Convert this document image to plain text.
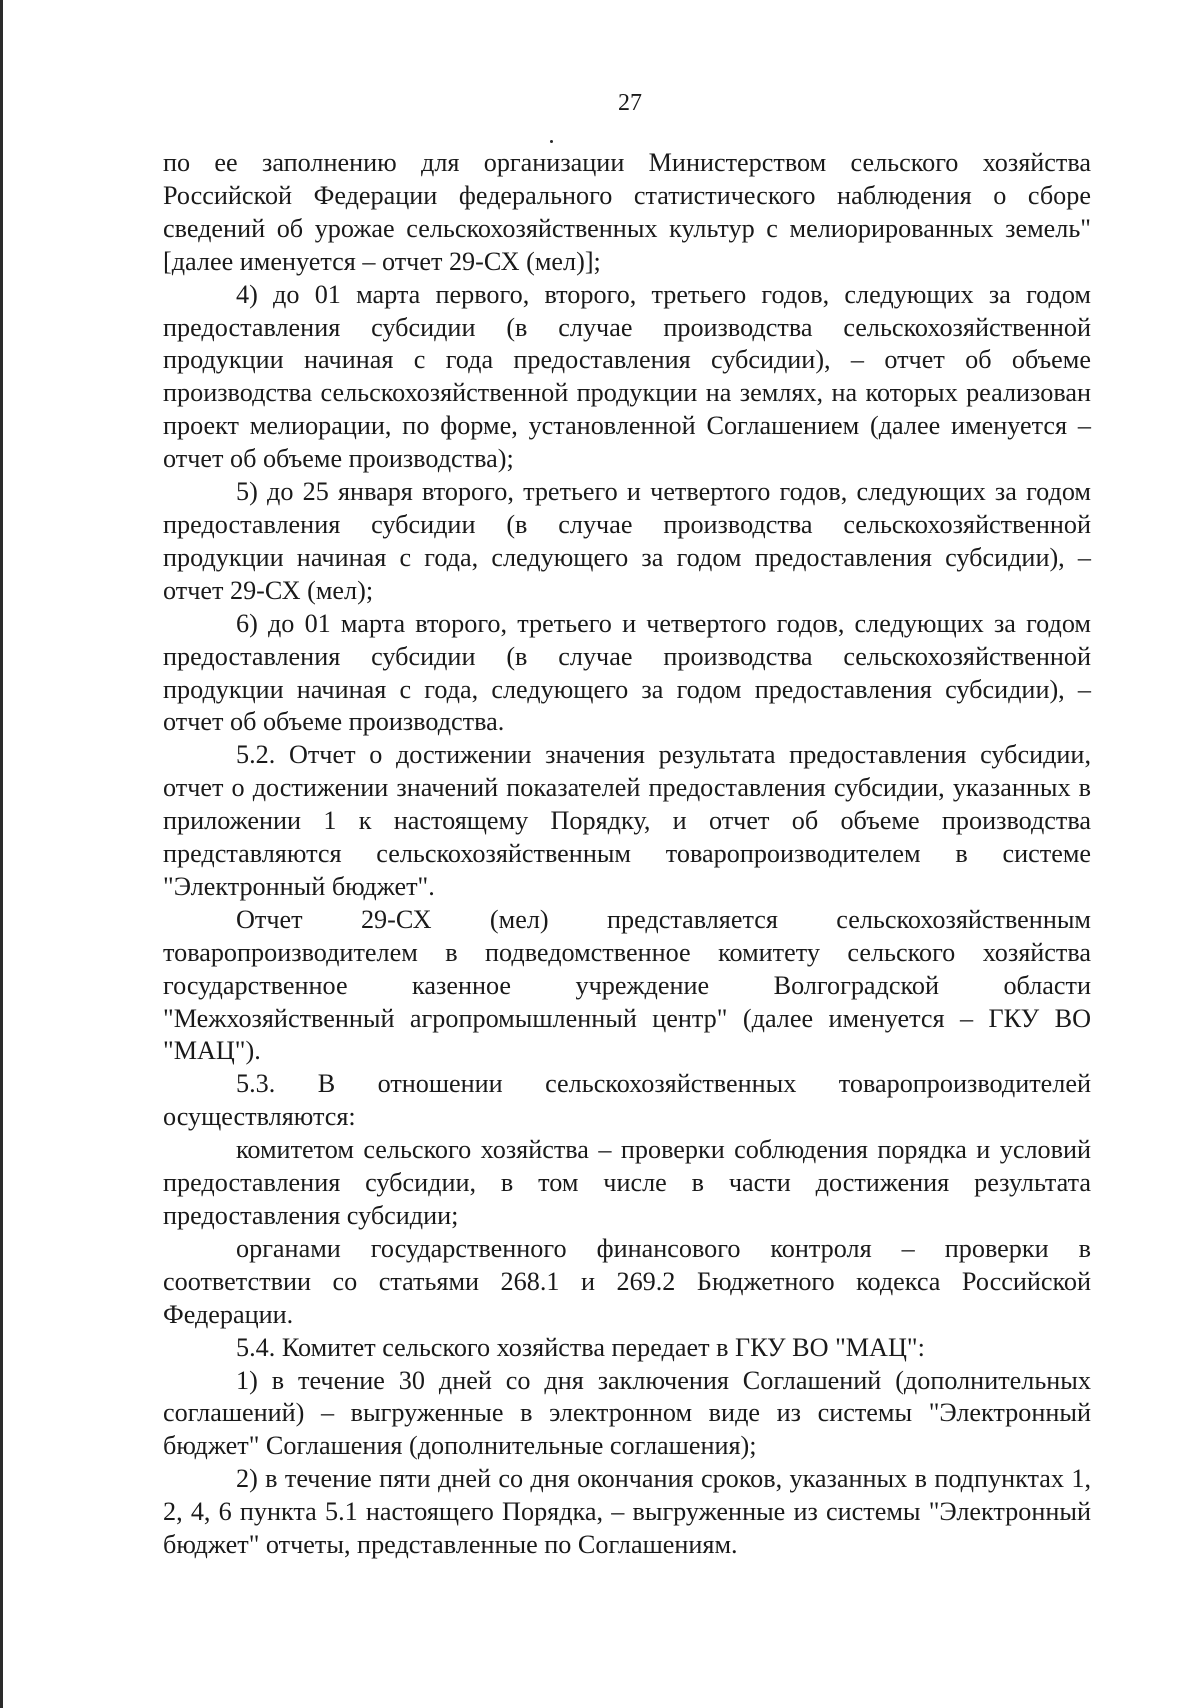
27

по ее заполнению для организации Министерством сельского хозяйства Российской Федерации федерального статистического наблюдения о сборе сведений об урожае сельскохозяйственных культур с мелиорированных земель" [далее именуется – отчет 29-СХ (мел)];

4) до 01 марта первого, второго, третьего годов, следующих за годом предоставления субсидии (в случае производства сельскохозяйственной продукции начиная с года предоставления субсидии), – отчет об объеме производства сельскохозяйственной продукции на землях, на которых реализован проект мелиорации, по форме, установленной Соглашением (далее именуется – отчет об объеме производства);

5) до 25 января второго, третьего и четвертого годов, следующих за годом предоставления субсидии (в случае производства сельскохозяйственной продукции начиная с года, следующего за годом предоставления субсидии), – отчет 29-СХ (мел);

6) до 01 марта второго, третьего и четвертого годов, следующих за годом предоставления субсидии (в случае производства сельскохозяйственной продукции начиная с года, следующего за годом предоставления субсидии), – отчет об объеме производства.

5.2. Отчет о достижении значения результата предоставления субсидии, отчет о достижении значений показателей предоставления субсидии, указанных в приложении 1 к настоящему Порядку, и отчет об объеме производства представляются сельскохозяйственным товаропроизводителем в системе "Электронный бюджет".

Отчет 29-СХ (мел) представляется сельскохозяйственным товаропроизводителем в подведомственное комитету сельского хозяйства государственное казенное учреждение Волгоградской области "Межхозяйственный агропромышленный центр" (далее именуется – ГКУ ВО "МАЦ").

5.3. В отношении сельскохозяйственных товаропроизводителей осуществляются:

комитетом сельского хозяйства – проверки соблюдения порядка и условий предоставления субсидии, в том числе в части достижения результата предоставления субсидии;

органами государственного финансового контроля – проверки в соответствии со статьями 268.1 и 269.2 Бюджетного кодекса Российской Федерации.

5.4. Комитет сельского хозяйства передает в ГКУ ВО "МАЦ":

1) в течение 30 дней со дня заключения Соглашений (дополнительных соглашений) – выгруженные в электронном виде из системы "Электронный бюджет" Соглашения (дополнительные соглашения);

2) в течение пяти дней со дня окончания сроков, указанных в подпунктах 1, 2, 4, 6 пункта 5.1 настоящего Порядка, – выгруженные из системы "Электронный бюджет" отчеты, представленные по Соглашениям.
